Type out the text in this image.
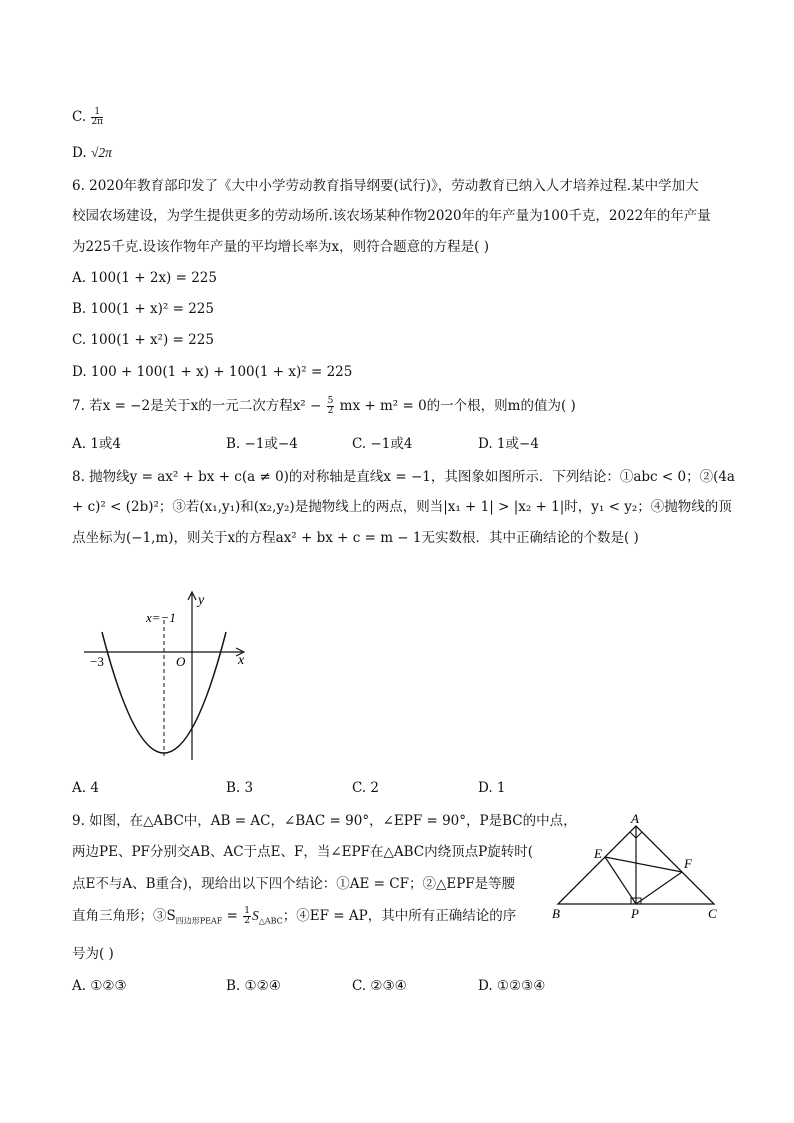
C. $\frac{1}{2\pi}$
D. √2π
6. 2020年教育部印发了《大中小学劳动教育指导纲要(试行)》，劳动教育已纳入人才培养过程.某中学加大
校园农场建设，为学生提供更多的劳动场所.该农场某种作物2020年的年产量为100千克，2022年的年产量
为225千克.设该作物年产量的平均增长率为x，则符合题意的方程是( )
A. 100(1 + 2x) = 225
B. 100(1 + x)² = 225
C. 100(1 + x²) = 225
D. 100 + 100(1 + x) + 100(1 + x)² = 225
7. 若x = −2是关于x的一元二次方程$x^2 - \frac{5}{2}$ mx + m² = 0的一个根，则m的值为( )
A. 1或4	B. −1或−4	C. −1或4	D. 1或−4
8. 抛物线y = ax² + bx + c(a ≠ 0)的对称轴是直线x = −1，其图象如图所示．下列结论：①abc < 0；②(4a
+ c)² < (2b)²；③若(x₁,y₁)和(x₂,y₂)是抛物线上的两点，则当|x₁ + 1| > |x₂ + 1|时，y₁ < y₂；④抛物线的顶
点坐标为(−1,m)，则关于x的方程ax² + bx + c = m − 1无实数根．其中正确结论的个数是( )
y
x
x=−1
O
−3
A. 4	B. 3	C. 2	D. 1
9. 如图，在△ABC中，AB = AC，∠BAC = 90°，∠EPF = 90°，P是BC的中点，
两边PE、PF分别交AB、AC于点E、F，当∠EPF在△ABC内绕顶点P旋转时(
点E不与A、B重合)，现给出以下四个结论：①AE = CF；②△EPF是等腰
直角三角形；$③S_{四边形PEAF} = \frac{1}{2} S_{\triangle ABC}$；④EF = AP，其中所有正确结论的序
号为( )
A
E
F
B	P	C
A. ①②③	B. ①②④	C. ②③④	D. ①②③④
